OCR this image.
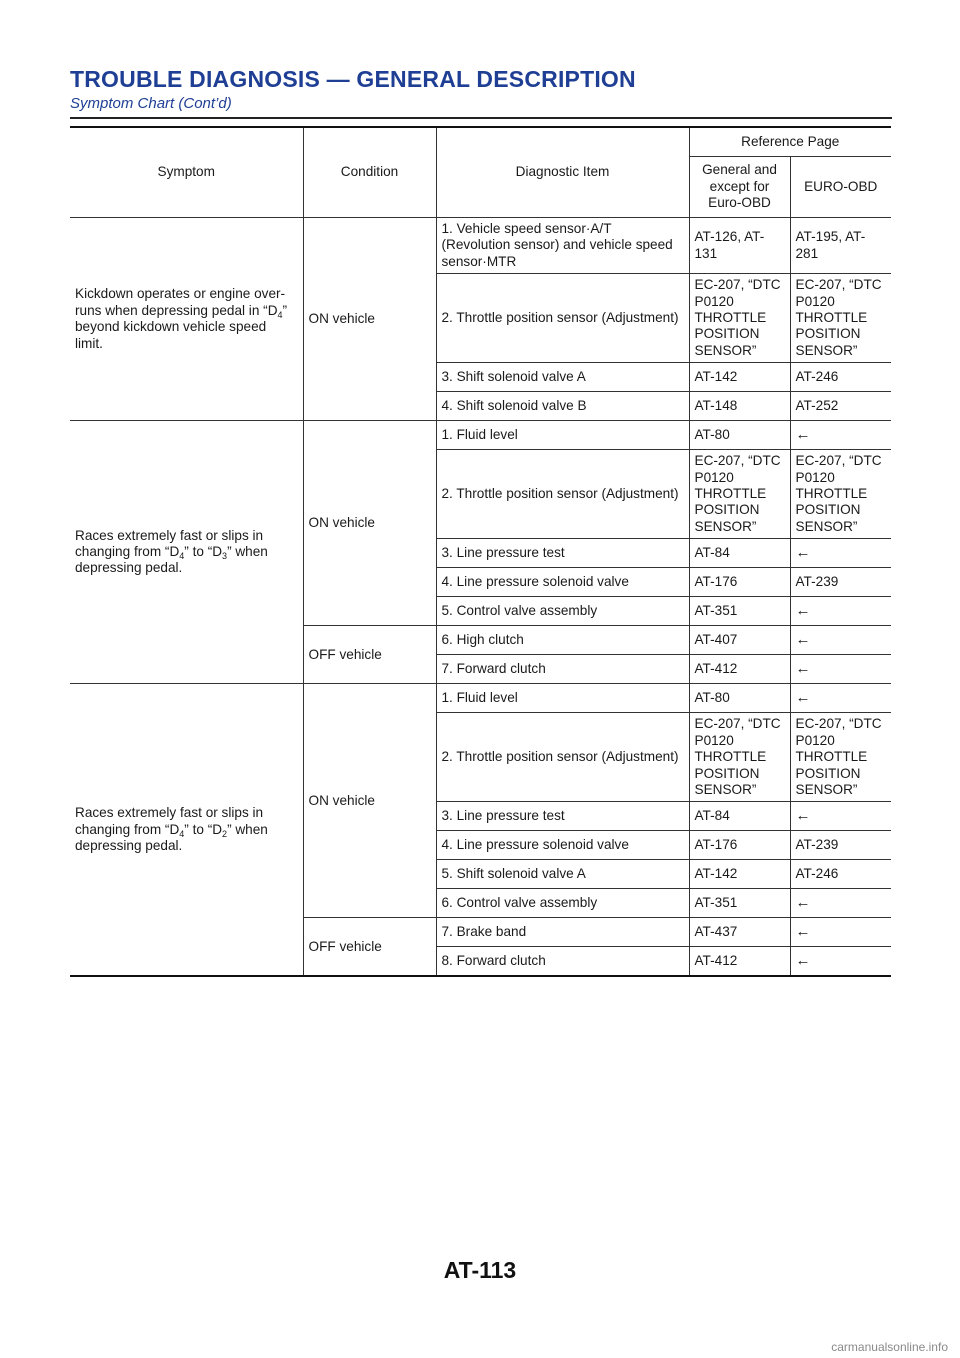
TROUBLE DIAGNOSIS — GENERAL DESCRIPTION
Symptom Chart (Cont’d)
Symptom	Condition	Diagnostic Item	Reference Page	
			General and except for Euro-OBD	EURO-OBD
Kickdown operates or engine over-runs when depressing pedal in “$D_4$” beyond kickdown vehicle speed limit.	ON vehicle	1. Vehicle speed sensor·A/T (Revolution sensor) and vehicle speed sensor·MTR	AT-126, AT-131	AT-195, AT-281
		2. Throttle position sensor (Adjustment)	EC-207, “DTC P0120 THROTTLE POSITION SENSOR”	EC-207, “DTC P0120 THROTTLE POSITION SENSOR”
		3. Shift solenoid valve A	AT-142	AT-246
		4. Shift solenoid valve B	AT-148	AT-252
Races extremely fast or slips in changing from “$D_4$” to “$D_3$” when depressing pedal.	ON vehicle	1. Fluid level	AT-80	←
		2. Throttle position sensor (Adjustment)	EC-207, “DTC P0120 THROTTLE POSITION SENSOR”	EC-207, “DTC P0120 THROTTLE POSITION SENSOR”
		3. Line pressure test	AT-84	←
		4. Line pressure solenoid valve	AT-176	AT-239
		5. Control valve assembly	AT-351	←
	OFF vehicle	6. High clutch	AT-407	←
		7. Forward clutch	AT-412	←
Races extremely fast or slips in changing from “$D_4$” to “$D_2$” when depressing pedal.	ON vehicle	1. Fluid level	AT-80	←
		2. Throttle position sensor (Adjustment)	EC-207, “DTC P0120 THROTTLE POSITION SENSOR”	EC-207, “DTC P0120 THROTTLE POSITION SENSOR”
		3. Line pressure test	AT-84	←
		4. Line pressure solenoid valve	AT-176	AT-239
		5. Shift solenoid valve A	AT-142	AT-246
		6. Control valve assembly	AT-351	←
	OFF vehicle	7. Brake band	AT-437	←
		8. Forward clutch	AT-412	←
AT-113
carmanualsonline.info
